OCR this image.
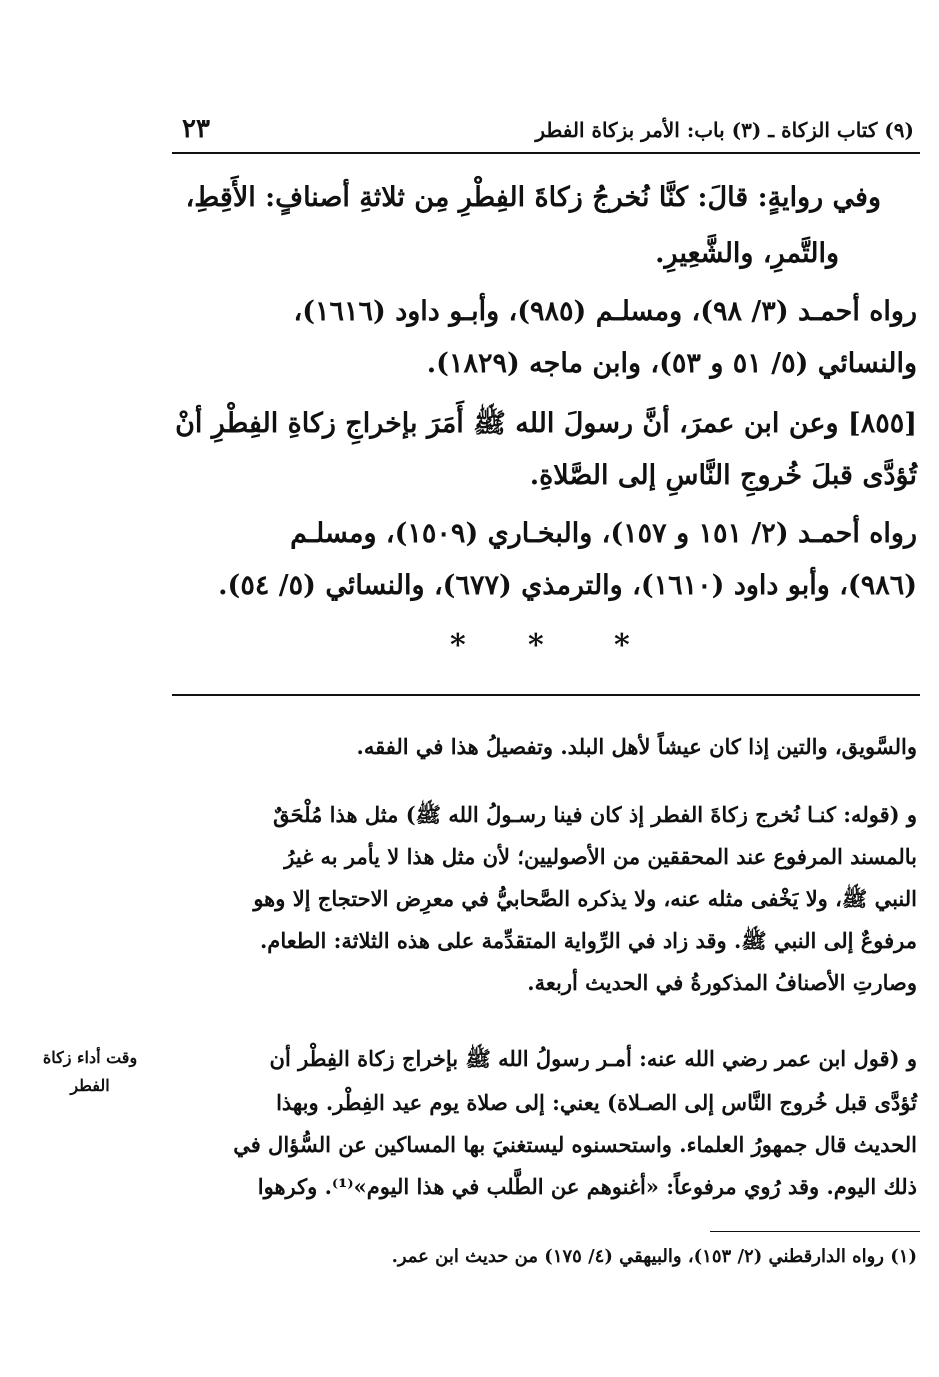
٢٣	(٩) كتاب الزكاة ـ (٣) باب: الأمر بزكاة الفطر
وفي روايةٍ: قالَ: كنَّا نُخرجُ زكاةَ الفِطْرِ مِن ثلاثةِ أصنافٍ: الأَقِطِ،
والتَّمرِ، والشَّعِيرِ.
رواه أحمـد (٣/ ٩٨)، ومسلـم (٩٨٥)، وأبـو داود (١٦١٦)،
والنسائي (٥/ ٥١ و ٥٣)، وابن ماجه (١٨٢٩).
[٨٥٥] وعن ابن عمرَ، أنَّ رسولَ الله ﷺ أَمَرَ بإخراجِ زكاةِ الفِطْرِ أنْ
تُؤدَّى قبلَ خُروجِ النَّاسِ إلى الصَّلاةِ.
رواه أحمـد (٢/ ١٥١ و ١٥٧)، والبخـاري (١٥٠٩)، ومسلـم
(٩٨٦)، وأبو داود (١٦١٠)، والترمذي (٦٧٧)، والنسائي (٥/ ٥٤).
* * *
والسَّويق، والتين إذا كان عيشاً لأهل البلد. وتفصيلُ هذا في الفقه.
و (قوله: كنـا نُخرج زكاةَ الفطر إذ كان فينا رسـولُ الله ﷺ) مثل هذا مُلْحَقٌ
بالمسند المرفوع عند المحققين من الأصوليين؛ لأن مثل هذا لا يأمر به غيرُ
النبي ﷺ، ولا يَخْفى مثله عنه، ولا يذكره الصَّحابيُّ في معرِض الاحتجاج إلا وهو
مرفوعٌ إلى النبي ﷺ. وقد زاد في الرِّواية المتقدِّمة على هذه الثلاثة: الطعام.
وصارتِ الأصنافُ المذكورةُ في الحديث أربعة.
و (قول ابن عمر رضي الله عنه: أمـر رسولُ الله ﷺ بإخراج زكاة الفِطْر أن
تُؤدَّى قبل خُروج النَّاس إلى الصـلاة) يعني: إلى صلاة يوم عيد الفِطْر. وبهذا
الحديث قال جمهورُ العلماء. واستحسنوه ليستغنيَ بها المساكين عن السُّؤال في
ذلك اليوم. وقد رُوي مرفوعاً: «أغنوهم عن الطَّلب في هذا اليوم»⁽¹⁾. وكرهوا
وقت أداء زكاة
الفطر
(١) رواه الدارقطني (٢/ ١٥٣)، والبيهقي (٤/ ١٧٥) من حديث ابن عمر.
